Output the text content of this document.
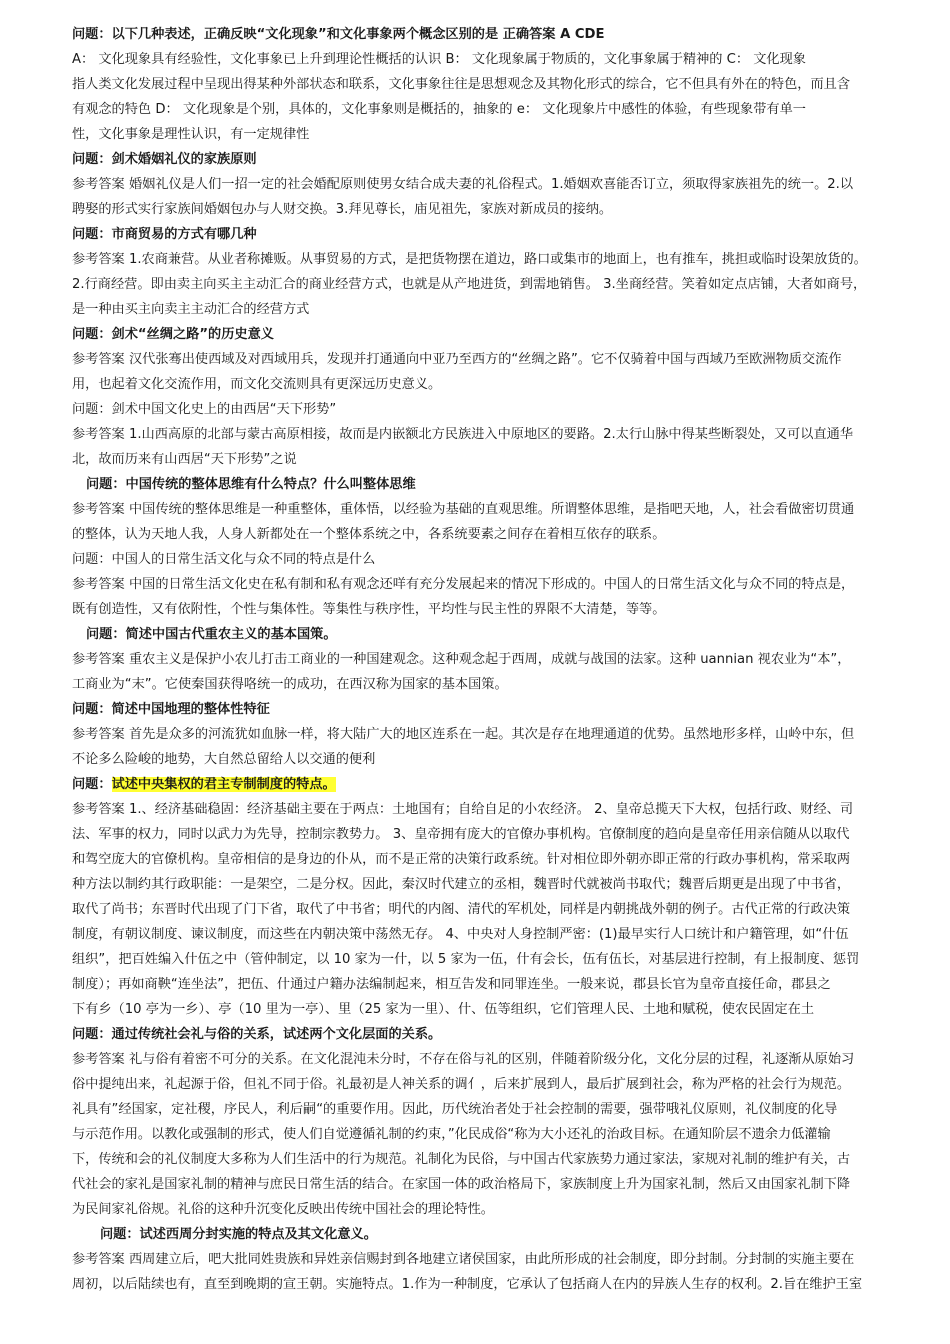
问题：以下几种表述，正确反映“文化现象”和文化事象两个概念区别的是 正确答案 A CDE
A： 文化现象具有经验性，文化事象已上升到理论性概括的认识 B： 文化现象属于物质的，文化事象属于精神的 C： 文化现象
指人类文化发展过程中呈现出得某种外部状态和联系，文化事象往往是思想观念及其物化形式的综合，它不但具有外在的特色，而且含
有观念的特色 D： 文化现象是个别，具体的，文化事象则是概括的，抽象的 e： 文化现象片中感性的体验，有些现象带有单一
性，文化事象是理性认识，有一定规律性
问题：剑术婚姻礼仪的家族原则
参考答案 婚姻礼仪是人们一招一定的社会婚配原则使男女结合成夫妻的礼俗程式。1.婚姻欢喜能否订立，须取得家族祖先的统一。2.以
聘娶的形式实行家族间婚姻包办与人财交换。3.拜见尊长，庙见祖先，家族对新成员的接纳。
问题：市商贸易的方式有哪几种
参考答案 1.农商兼营。从业者称摊贩。从事贸易的方式，是把货物摆在道边，路口或集市的地面上，也有推车，挑担或临时设架放货的。
2.行商经营。即由卖主向买主主动汇合的商业经营方式，也就是从产地进货，到需地销售。 3.坐商经营。笑着如定点店铺，大者如商号，
是一种由买主向卖主主动汇合的经营方式
问题：剑术“丝绸之路”的历史意义
参考答案 汉代张骞出使西域及对西域用兵，发现并打通通向中亚乃至西方的“丝绸之路”。它不仅骑着中国与西域乃至欧洲物质交流作
用，也起着文化交流作用，而文化交流则具有更深远历史意义。
问题：剑术中国文化史上的由西居“天下形势”
参考答案 1.山西高原的北部与蒙古高原相接，故而是内嵌额北方民族进入中原地区的要路。2.太行山脉中得某些断裂处，又可以直通华
北，故而历来有山西居“天下形势”之说
问题：中国传统的整体思维有什么特点？什么叫整体思维
参考答案 中国传统的整体思维是一种重整体，重体悟，以经验为基础的直观思维。所谓整体思维，是指吧天地，人，社会看做密切贯通
的整体，认为天地人我，人身人新都处在一个整体系统之中，各系统要素之间存在着相互依存的联系。
问题：中国人的日常生活文化与众不同的特点是什么
参考答案 中国的日常生活文化史在私有制和私有观念还咩有充分发展起来的情况下形成的。中国人的日常生活文化与众不同的特点是，
既有创造性，又有依附性，个性与集体性。等集性与秩序性，平均性与民主性的界限不大清楚，等等。
问题：简述中国古代重农主义的基本国策。
参考答案 重农主义是保护小农儿打击工商业的一种国建观念。这种观念起于西周，成就与战国的法家。这种 uannian 视农业为“本”，
工商业为“末”。它使秦国获得咯统一的成功，在西汉称为国家的基本国策。
问题：简述中国地理的整体性特征
参考答案 首先是众多的河流犹如血脉一样，将大陆广大的地区连系在一起。其次是存在地理通道的优势。虽然地形多样，山岭中东，但
不论多么险峻的地势，大自然总留给人以交通的便利
问题：试述中央集权的君主专制制度的特点。
参考答案 1.、经济基础稳固：经济基础主要在于两点：土地国有；自给自足的小农经济。 2、皇帝总揽天下大权，包括行政、财经、司
法、军事的权力，同时以武力为先导，控制宗教势力。 3、皇帝拥有庞大的官僚办事机构。官僚制度的趋向是皇帝任用亲信随从以取代
和驾空庞大的官僚机构。皇帝相信的是身边的仆从，而不是正常的决策行政系统。针对相位即外朝亦即正常的行政办事机构，常采取两
种方法以制约其行政职能：一是架空，二是分权。因此，秦汉时代建立的丞相，魏晋时代就被尚书取代；魏晋后期更是出现了中书省，
取代了尚书；东晋时代出现了门下省，取代了中书省；明代的内阁、清代的军机处，同样是内朝挑战外朝的例子。古代正常的行政决策
制度，有朝议制度、谏议制度，而这些在内朝决策中荡然无存。 4、中央对人身控制严密：(1)最早实行人口统计和户籍管理，如“什伍
组织”，把百姓编入什伍之中（管仲制定，以 10 家为一什，以 5 家为一伍，什有会长，伍有伍长，对基层进行控制，有上报制度、惩罚
制度）；再如商鞅“连坐法”，把伍、什通过户籍办法编制起来，相互告发和同罪连坐。一般来说，郡县长官为皇帝直接任命，郡县之
下有乡（10 亭为一乡）、亭（10 里为一亭）、里（25 家为一里）、什、伍等组织，它们管理人民、土地和赋税，使农民固定在土
问题：通过传统社会礼与俗的关系，试述两个文化层面的关系。
参考答案 礼与俗有着密不可分的关系。在文化混沌未分时，不存在俗与礼的区别，伴随着阶级分化，文化分层的过程，礼逐渐从原始习
俗中提纯出来，礼起源于俗，但礼不同于俗。礼最初是人神关系的调亻，后来扩展到人，最后扩展到社会，称为严格的社会行为规范。
礼具有”经国家，定社稷，序民人，利后嗣“的重要作用。因此，历代统治者处于社会控制的需要，强带哦礼仪原则，礼仪制度的化导
与示范作用。以教化或强制的形式，使人们自觉遵循礼制的约束，”化民成俗“称为大小还礼的治政目标。在通知阶层不遗余力低灌输
下，传统和会的礼仪制度大多称为人们生活中的行为规范。礼制化为民俗，与中国古代家族势力通过家法，家规对礼制的维护有关，古
代社会的家礼是国家礼制的精神与庶民日常生活的结合。在家国一体的政治格局下，家族制度上升为国家礼制，然后又由国家礼制下降
为民间家礼俗规。礼俗的这种升沉变化反映出传统中国社会的理论特性。
问题：试述西周分封实施的特点及其文化意义。
参考答案 西周建立后，吧大批同姓贵族和异姓亲信赐封到各地建立诸侯国家，由此所形成的社会制度，即分封制。分封制的实施主要在
周初，以后陆续也有，直至到晚期的宣王朝。实施特点。1.作为一种制度，它承认了包括商人在内的异族人生存的权利。2.旨在维护王室
